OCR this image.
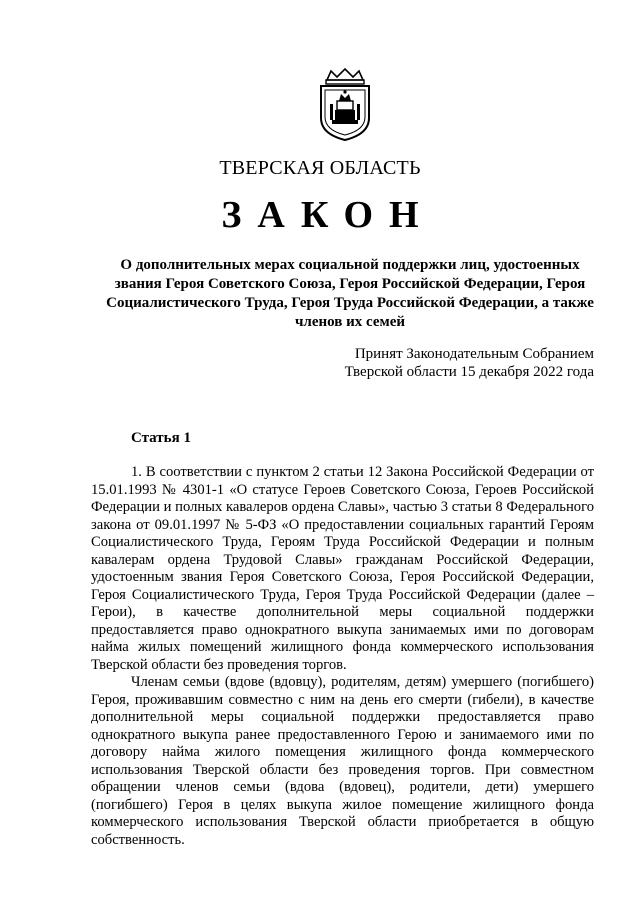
ТВЕРСКАЯ ОБЛАСТЬ
ЗАКОН
О дополнительных мерах социальной поддержки лиц, удостоенных
звания Героя Советского Союза, Героя Российской Федерации, Героя
Социалистического Труда, Героя Труда Российской Федерации, а также
членов их семей
Принят Законодательным Собранием
Тверской области 15 декабря 2022 года
Статья 1

1. В соответствии с пунктом 2 статьи 12 Закона Российской Федерации от 15.01.1993 № 4301-1 «О статусе Героев Советского Союза, Героев Российской Федерации и полных кавалеров ордена Славы», частью 3 статьи 8 Федерального закона от 09.01.1997 № 5-ФЗ «О предоставлении социальных гарантий Героям Социалистического Труда, Героям Труда Российской Федерации и полным кавалерам ордена Трудовой Славы» гражданам Российской Федерации, удостоенным звания Героя Советского Союза, Героя Российской Федерации, Героя Социалистического Труда, Героя Труда Российской Федерации (далее – Герои), в качестве дополнительной меры социальной поддержки предоставляется право однократного выкупа занимаемых ими по договорам найма жилых помещений жилищного фонда коммерческого использования Тверской области без проведения торгов.

Членам семьи (вдове (вдовцу), родителям, детям) умершего (погибшего) Героя, проживавшим совместно с ним на день его смерти (гибели), в качестве дополнительной меры социальной поддержки предоставляется право однократного выкупа ранее предоставленного Герою и занимаемого ими по договору найма жилого помещения жилищного фонда коммерческого использования Тверской области без проведения торгов. При совместном обращении членов семьи (вдова (вдовец), родители, дети) умершего (погибшего) Героя в целях выкупа жилое помещение жилищного фонда коммерческого использования Тверской области приобретается в общую собственность.
